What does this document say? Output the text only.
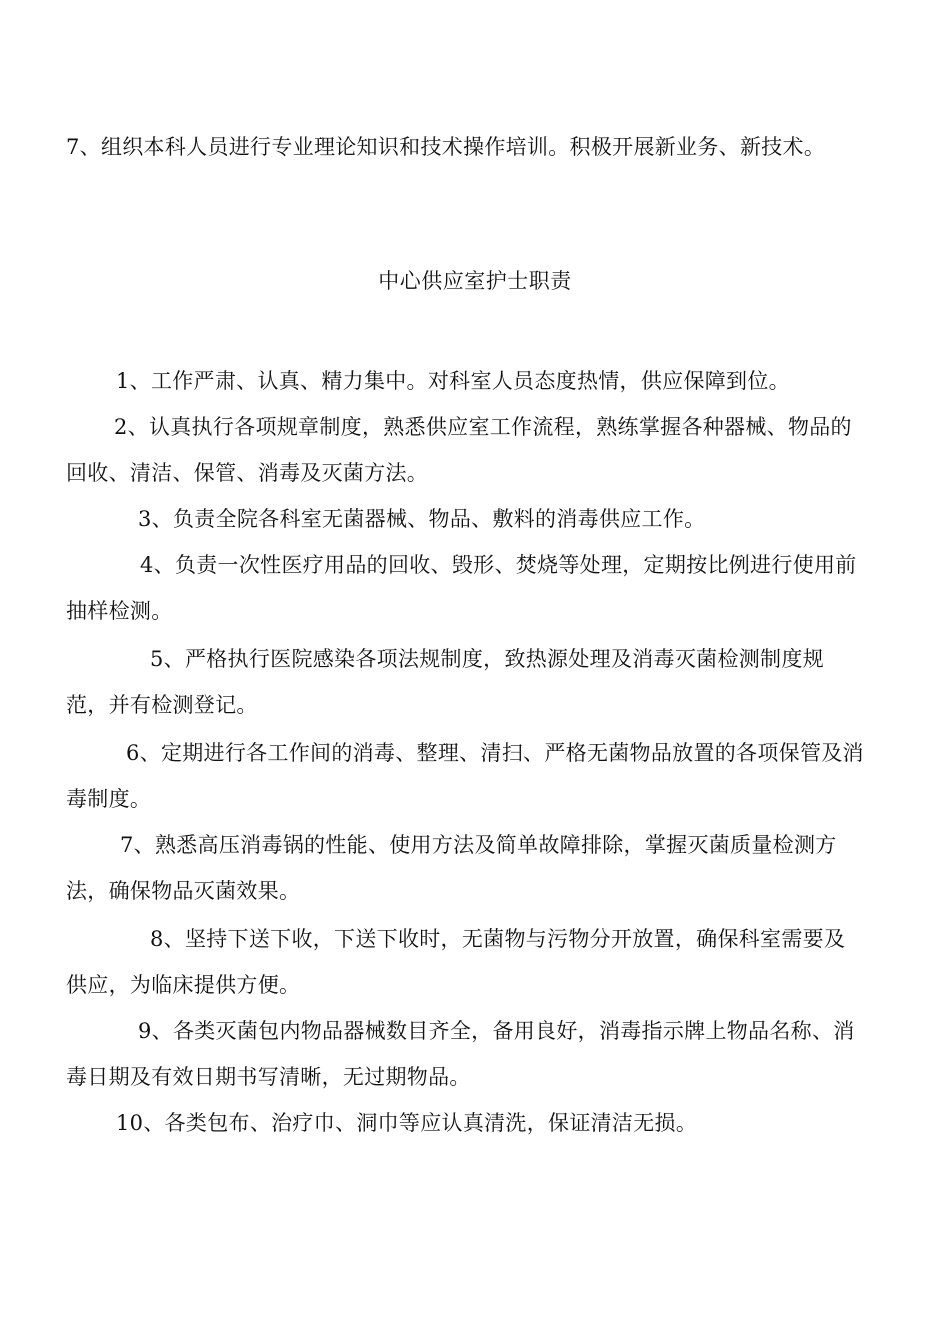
7、组织本科人员进行专业理论知识和技术操作培训。积极开展新业务、新技术。

中心供应室护士职责

1、工作严肃、认真、精力集中。对科室人员态度热情，供应保障到位。

2、认真执行各项规章制度，熟悉供应室工作流程，熟练掌握各种器械、物品的回收、清洁、保管、消毒及灭菌方法。

3、负责全院各科室无菌器械、物品、敷料的消毒供应工作。

4、负责一次性医疗用品的回收、毁形、焚烧等处理，定期按比例进行使用前抽样检测。

5、严格执行医院感染各项法规制度，致热源处理及消毒灭菌检测制度规范，并有检测登记。

6、定期进行各工作间的消毒、整理、清扫、严格无菌物品放置的各项保管及消毒制度。

7、熟悉高压消毒锅的性能、使用方法及简单故障排除，掌握灭菌质量检测方法，确保物品灭菌效果。

8、坚持下送下收，下送下收时，无菌物与污物分开放置，确保科室需要及供应，为临床提供方便。

9、各类灭菌包内物品器械数目齐全，备用良好，消毒指示牌上物品名称、消毒日期及有效日期书写清晰，无过期物品。

10、各类包布、治疗巾、洞巾等应认真清洗，保证清洁无损。
